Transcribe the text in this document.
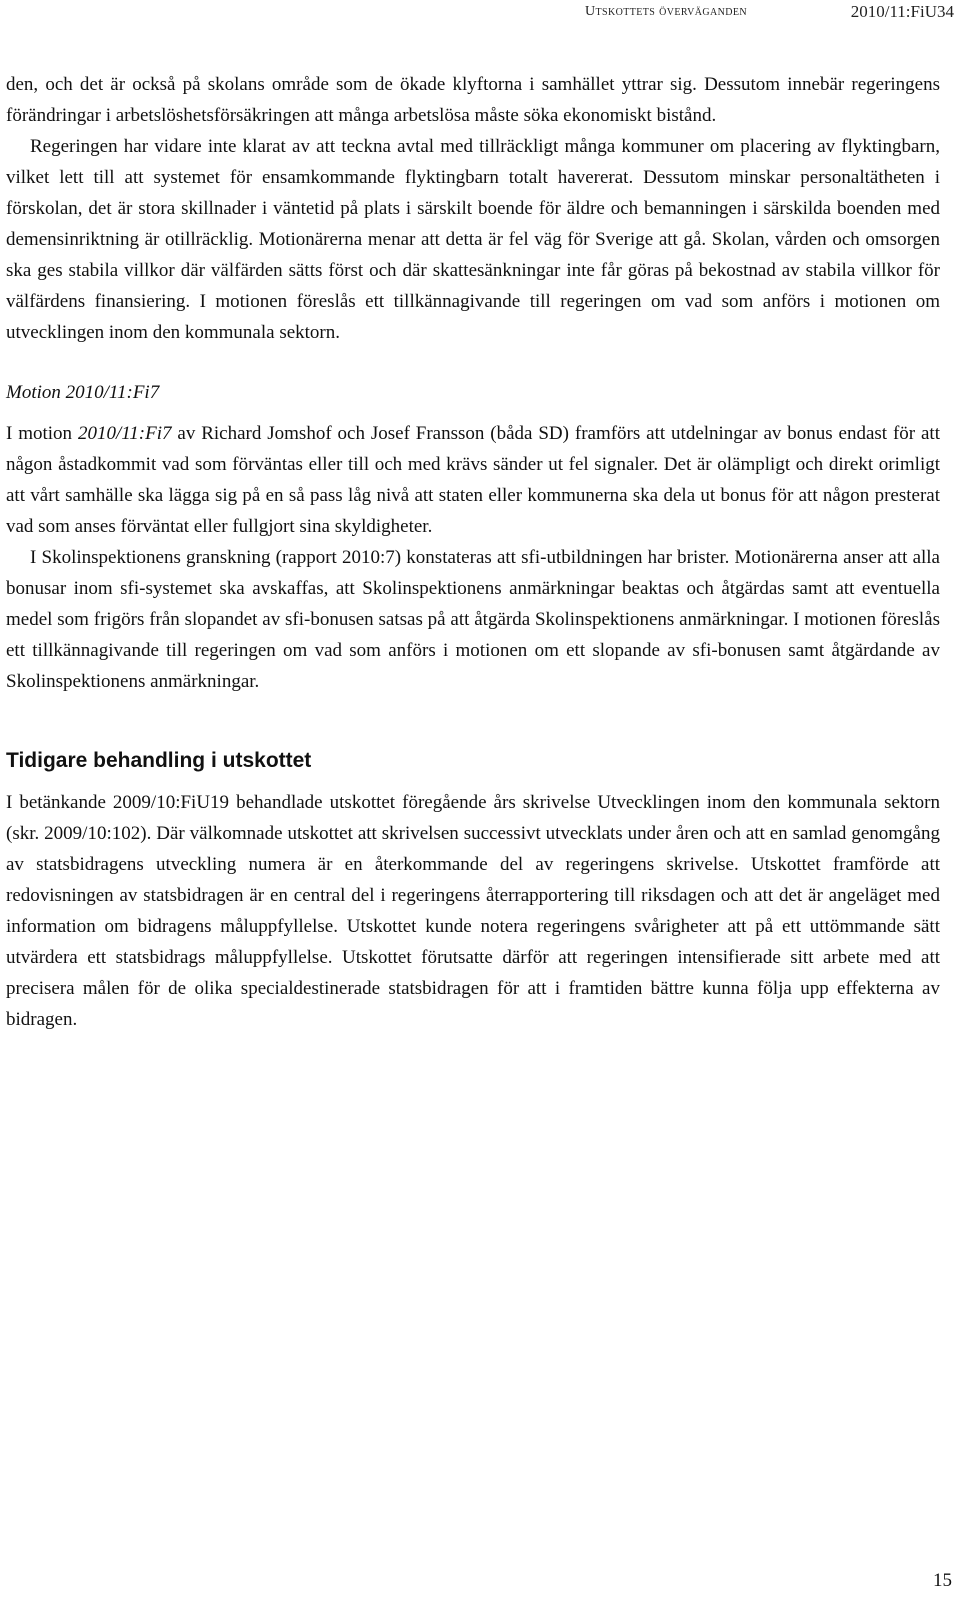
Utskottets överväganden	2010/11:FiU34

den, och det är också på skolans område som de ökade klyftorna i samhället yttrar sig. Dessutom innebär regeringens förändringar i arbetslöshetsförsäkringen att många arbetslösa måste söka ekonomiskt bistånd.

Regeringen har vidare inte klarat av att teckna avtal med tillräckligt många kommuner om placering av flyktingbarn, vilket lett till att systemet för ensamkommande flyktingbarn totalt havererat. Dessutom minskar personaltätheten i förskolan, det är stora skillnader i väntetid på plats i särskilt boende för äldre och bemanningen i särskilda boenden med demensinriktning är otillräcklig. Motionärerna menar att detta är fel väg för Sverige att gå. Skolan, vården och omsorgen ska ges stabila villkor där välfärden sätts först och där skattesänkningar inte får göras på bekostnad av stabila villkor för välfärdens finansiering. I motionen föreslås ett tillkännagivande till regeringen om vad som anförs i motionen om utvecklingen inom den kommunala sektorn.

Motion 2010/11:Fi7

I motion 2010/11:Fi7 av Richard Jomshof och Josef Fransson (båda SD) framförs att utdelningar av bonus endast för att någon åstadkommit vad som förväntas eller till och med krävs sänder ut fel signaler. Det är olämpligt och direkt orimligt att vårt samhälle ska lägga sig på en så pass låg nivå att staten eller kommunerna ska dela ut bonus för att någon presterat vad som anses förväntat eller fullgjort sina skyldigheter.

I Skolinspektionens granskning (rapport 2010:7) konstateras att sfi-utbildningen har brister. Motionärerna anser att alla bonusar inom sfi-systemet ska avskaffas, att Skolinspektionens anmärkningar beaktas och åtgärdas samt att eventuella medel som frigörs från slopandet av sfi-bonusen satsas på att åtgärda Skolinspektionens anmärkningar. I motionen föreslås ett tillkännagivande till regeringen om vad som anförs i motionen om ett slopande av sfi-bonusen samt åtgärdande av Skolinspektionens anmärkningar.

Tidigare behandling i utskottet

I betänkande 2009/10:FiU19 behandlade utskottet föregående års skrivelse Utvecklingen inom den kommunala sektorn (skr. 2009/10:102). Där välkomnade utskottet att skrivelsen successivt utvecklats under åren och att en samlad genomgång av statsbidragens utveckling numera är en återkommande del av regeringens skrivelse. Utskottet framförde att redovisningen av statsbidragen är en central del i regeringens återrapportering till riksdagen och att det är angeläget med information om bidragens måluppfyllelse. Utskottet kunde notera regeringens svårigheter att på ett uttömmande sätt utvärdera ett statsbidrags måluppfyllelse. Utskottet förutsatte därför att regeringen intensifierade sitt arbete med att precisera målen för de olika specialdestinerade statsbidragen för att i framtiden bättre kunna följa upp effekterna av bidragen.

15
